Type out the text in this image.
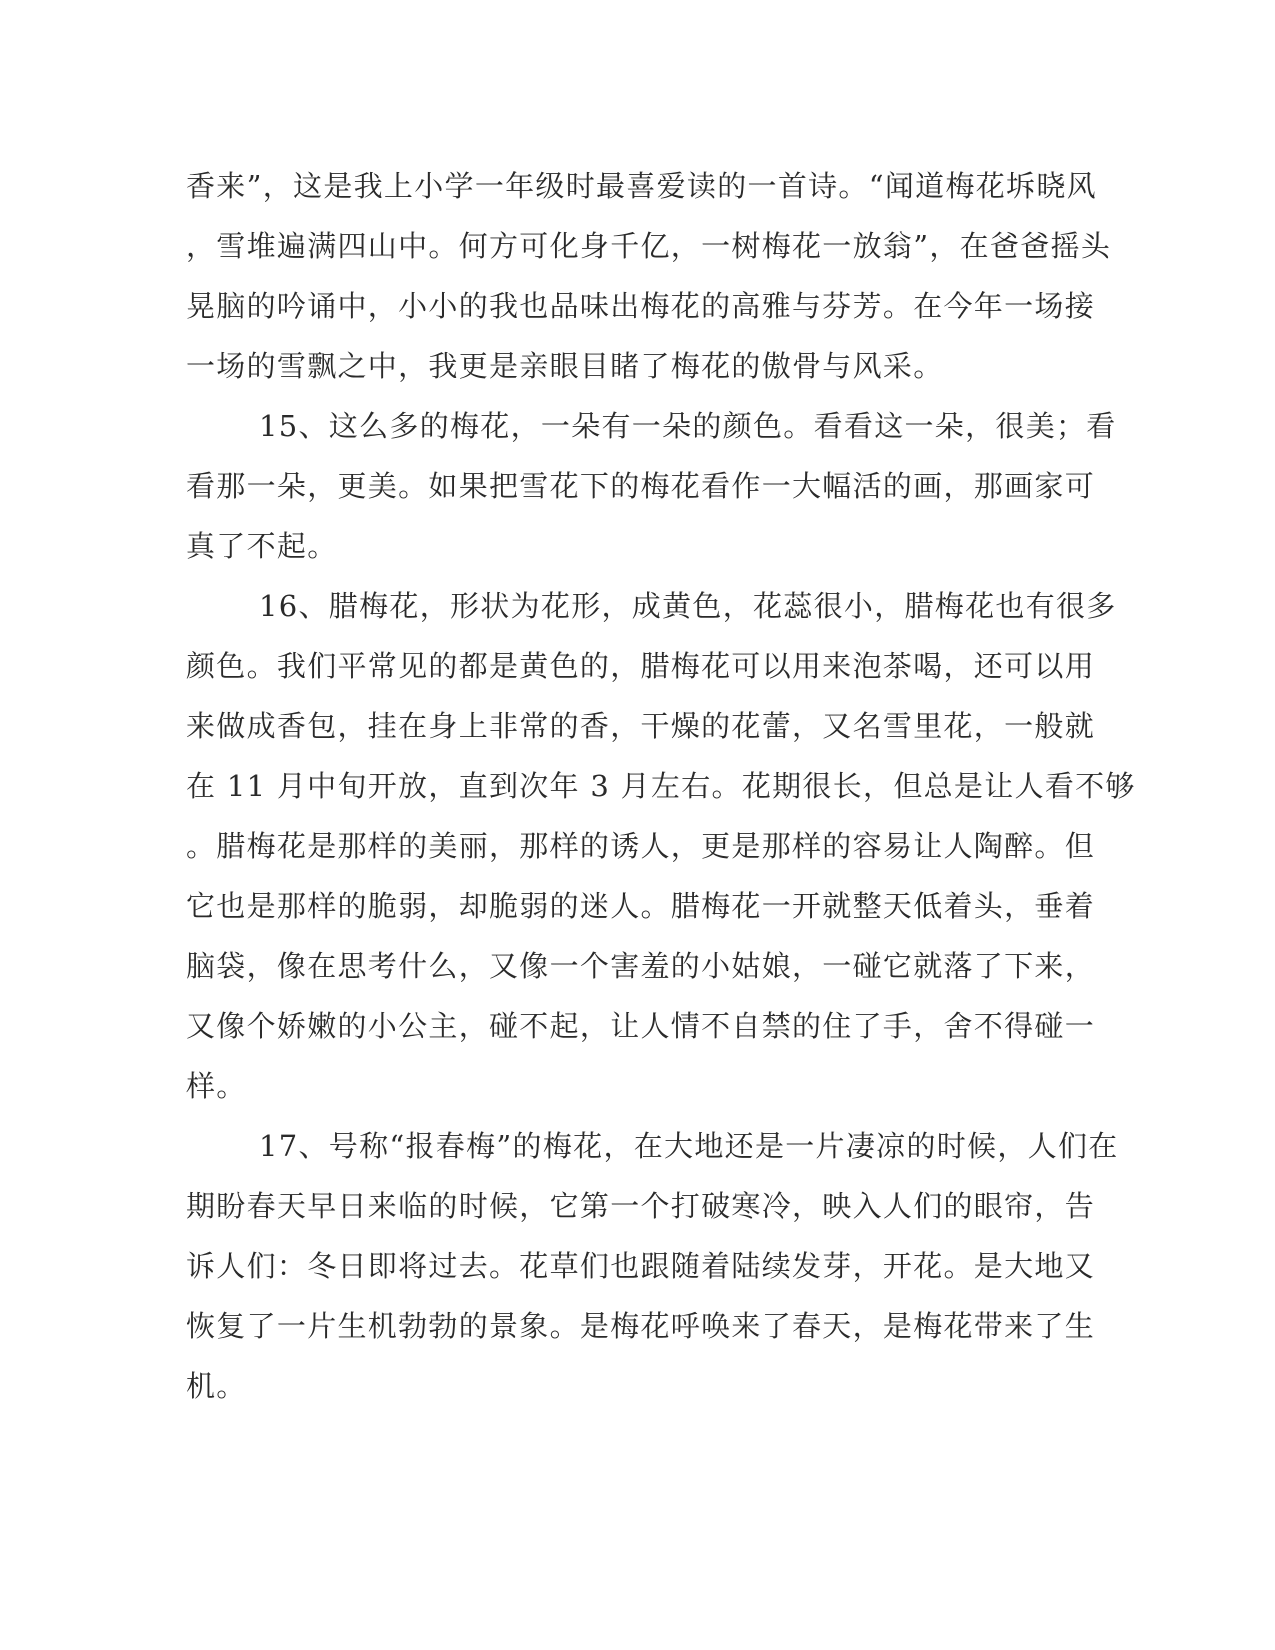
香来”，这是我上小学一年级时最喜爱读的一首诗。“闻道梅花坼晓风
，雪堆遍满四山中。何方可化身千亿，一树梅花一放翁”，在爸爸摇头
晃脑的吟诵中，小小的我也品味出梅花的高雅与芬芳。在今年一场接
一场的雪飘之中，我更是亲眼目睹了梅花的傲骨与风采。
15、这么多的梅花，一朵有一朵的颜色。看看这一朵，很美；看
看那一朵，更美。如果把雪花下的梅花看作一大幅活的画，那画家可
真了不起。
16、腊梅花，形状为花形，成黄色，花蕊很小，腊梅花也有很多
颜色。我们平常见的都是黄色的，腊梅花可以用来泡茶喝，还可以用
来做成香包，挂在身上非常的香，干燥的花蕾，又名雪里花，一般就
在 11 月中旬开放，直到次年 3 月左右。花期很长，但总是让人看不够
。腊梅花是那样的美丽，那样的诱人，更是那样的容易让人陶醉。但
它也是那样的脆弱，却脆弱的迷人。腊梅花一开就整天低着头，垂着
脑袋，像在思考什么，又像一个害羞的小姑娘，一碰它就落了下来，
又像个娇嫩的小公主，碰不起，让人情不自禁的住了手，舍不得碰一
样。
17、号称“报春梅”的梅花，在大地还是一片凄凉的时候，人们在
期盼春天早日来临的时候，它第一个打破寒冷，映入人们的眼帘，告
诉人们：冬日即将过去。花草们也跟随着陆续发芽，开花。是大地又
恢复了一片生机勃勃的景象。是梅花呼唤来了春天，是梅花带来了生
机。
